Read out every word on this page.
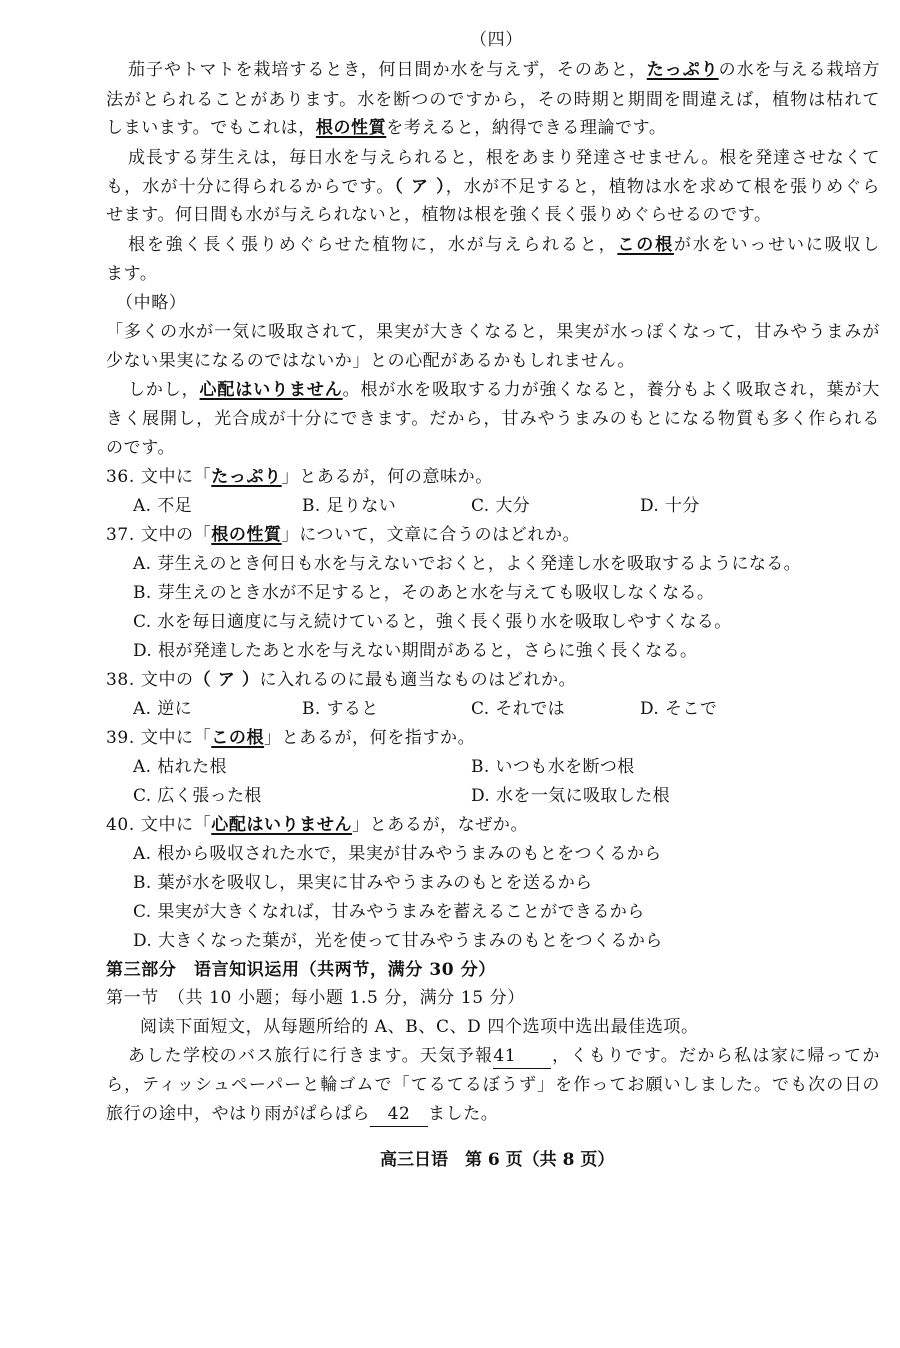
（四）
茄子やトマトを栽培するとき，何日間か水を与えず，そのあと，たっぷりの水を与える栽培方
法がとられることがあります。水を断つのですから，その時期と期間を間違えば，植物は枯れて
しまいます。でもこれは，根の性質を考えると，納得できる理論です。
成長する芽生えは，毎日水を与えられると，根をあまり発達させません。根を発達させなくて
も，水が十分に得られるからです。（ ア ），水が不足すると，植物は水を求めて根を張りめぐら
せます。何日間も水が与えられないと，植物は根を強く長く張りめぐらせるのです。
根を強く長く張りめぐらせた植物に，水が与えられると，この根が水をいっせいに吸収し
ます。
（中略）
「多くの水が一気に吸取されて，果実が大きくなると，果実が水っぽくなって，甘みやうまみが
少ない果実になるのではないか」との心配があるかもしれません。
しかし，心配はいりません。根が水を吸取する力が強くなると，養分もよく吸取され，葉が大
きく展開し，光合成が十分にできます。だから，甘みやうまみのもとになる物質も多く作られる
のです。
36. 文中に「たっぷり」とあるが，何の意味か。
A. 不足	B. 足りない	C. 大分	D. 十分
37. 文中の「根の性質」について，文章に合うのはどれか。
A. 芽生えのとき何日も水を与えないでおくと，よく発達し水を吸取するようになる。
B. 芽生えのとき水が不足すると，そのあと水を与えても吸収しなくなる。
C. 水を毎日適度に与え続けていると，強く長く張り水を吸取しやすくなる。
D. 根が発達したあと水を与えない期間があると，さらに強く長くなる。
38. 文中の（ ア ）に入れるのに最も適当なものはどれか。
A. 逆に	B. すると	C. それでは	D. そこで
39. 文中に「この根」とあるが，何を指すか。
A. 枯れた根	B. いつも水を断つ根
C. 広く張った根	D. 水を一気に吸取した根
40. 文中に「心配はいりません」とあるが，なぜか。
A. 根から吸収された水で，果実が甘みやうまみのもとをつくるから
B. 葉が水を吸収し，果実に甘みやうまみのもとを送るから
C. 果実が大きくなれば，甘みやうまみを蓄えることができるから
D. 大きくなった葉が，光を使って甘みやうまみのもとをつくるから
第三部分　语言知识运用（共两节，满分 30 分）
第一节　（共 10 小题；每小题 1.5 分，满分 15 分）
阅读下面短文，从每题所给的 A、B、C、D 四个选项中选出最佳选项。
あした学校のバス旅行に行きます。天気予報41 ，くもりです。だから私は家に帰ってか
ら，ティッシュペーパーと輪ゴムで「てるてるぼうず」を作ってお願いしました。でも次の日の
旅行の途中，やはり雨がぱらぱら 42 ました。
高三日语　第 6 页（共 8 页）
